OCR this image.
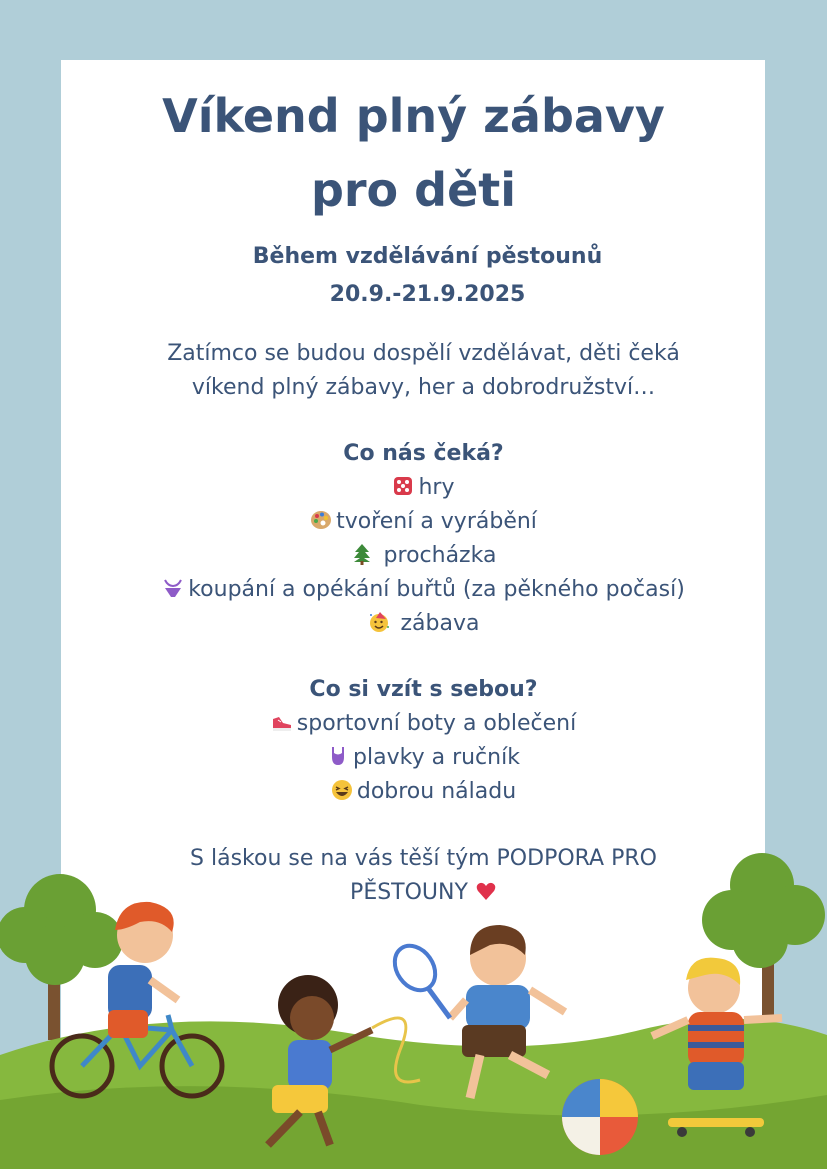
Víkend plný zábavy
pro děti
Během vzdělávání pěstounů
20.9.-21.9.2025
Zatímco se budou dospělí vzdělávat, děti čeká
víkend plný zábavy, her a dobrodružství…
Co nás čeká?
hry
tvoření a vyrábění
procházka
koupání a opékání buřtů (za pěkného počasí)
zábava
Co si vzít s sebou?
sportovní boty a oblečení
plavky a ručník
dobrou náladu
S láskou se na vás těší tým PODPORA PRO
PĚSTOUNY
